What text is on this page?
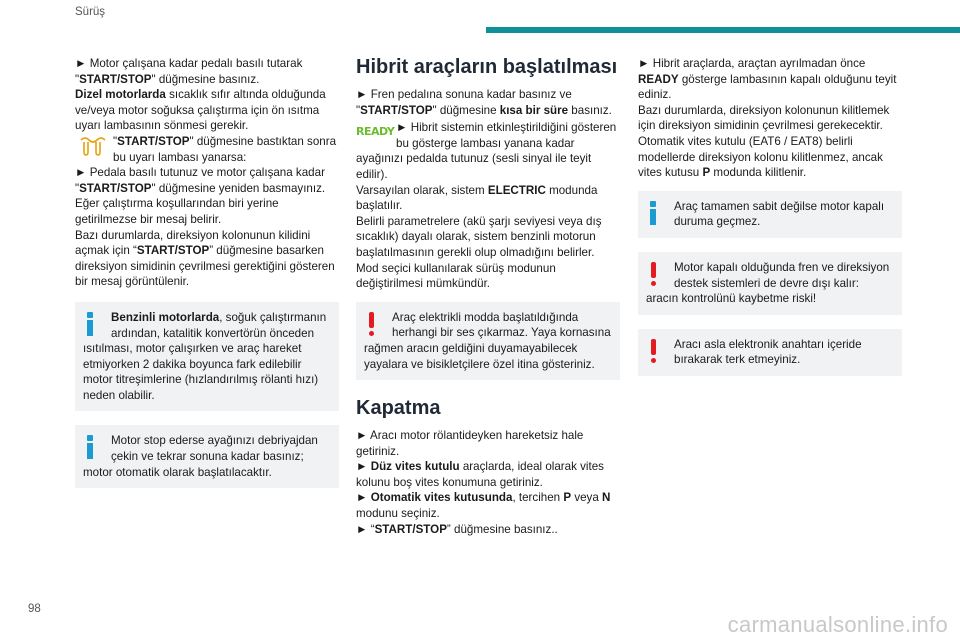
Sürüş

► Motor çalışana kadar pedalı basılı tutarak "START/STOP" düğmesine basınız.

Dizel motorlarda sıcaklık sıfır altında olduğunda ve/veya motor soğuksa çalıştırma için ön ısıtma uyarı lambasının sönmesi gerekir.

"START/STOP" düğmesine bastıktan sonra bu uyarı lambası yanarsa:

► Pedala basılı tutunuz ve motor çalışana kadar "START/STOP" düğmesine yeniden basmayınız.

Eğer çalıştırma koşullarından biri yerine getirilmezse bir mesaj belirir.

Bazı durumlarda, direksiyon kolonunun kilidini açmak için “START/STOP” düğmesine basarken direksiyon simidinin çevrilmesi gerektiğini gösteren bir mesaj görüntülenir.

Benzinli motorlarda, soğuk çalıştırmanın ardından, katalitik konvertörün önceden ısıtılması, motor çalışırken ve araç hareket etmiyorken 2 dakika boyunca fark edilebilir motor titreşimlerine (hızlandırılmış rölanti hızı) neden olabilir.
Motor stop ederse ayağınızı debriyajdan çekin ve tekrar sonuna kadar basınız; motor otomatik olarak başlatılacaktır.
Hibrit araçların başlatılması

► Fren pedalına sonuna kadar basınız ve "START/STOP" düğmesine kısa bir süre basınız.

READY ► Hibrit sistemin etkinleştirildiğini gösteren bu gösterge lambası yanana kadar ayağınızı pedalda tutunuz (sesli sinyal ile teyit edilir).

Varsayılan olarak, sistem ELECTRIC modunda başlatılır.

Belirli parametrelere (akü şarjı seviyesi veya dış sıcaklık) dayalı olarak, sistem benzinli motorun başlatılmasının gerekli olup olmadığını belirler.

Mod seçici kullanılarak sürüş modunun değiştirilmesi mümkündür.

Araç elektrikli modda başlatıldığında herhangi bir ses çıkarmaz. Yaya kornasına rağmen aracın geldiğini duyamayabilecek yayalara ve bisikletçilere özel itina gösteriniz.
Kapatma

► Aracı motor rölantideyken hareketsiz hale getiriniz.

► Düz vites kutulu araçlarda, ideal olarak vites kolunu boş vites konumuna getiriniz.

► Otomatik vites kutusunda, tercihen P veya N modunu seçiniz.

► “START/STOP” düğmesine basınız..

► Hibrit araçlarda, araçtan ayrılmadan önce READY gösterge lambasının kapalı olduğunu teyit ediniz.

Bazı durumlarda, direksiyon kolonunun kilitlemek için direksiyon simidinin çevrilmesi gerekecektir.

Otomatik vites kutulu (EAT6 / EAT8) belirli modellerde direksiyon kolonu kilitlenmez, ancak vites kutusu P modunda kilitlenir.

Araç tamamen sabit değilse motor kapalı duruma geçmez.
Motor kapalı olduğunda fren ve direksiyon destek sistemleri de devre dışı kalır: aracın kontrolünü kaybetme riski!
Aracı asla elektronik anahtarı içeride bırakarak terk etmeyiniz.
98
carmanualsonline.info
